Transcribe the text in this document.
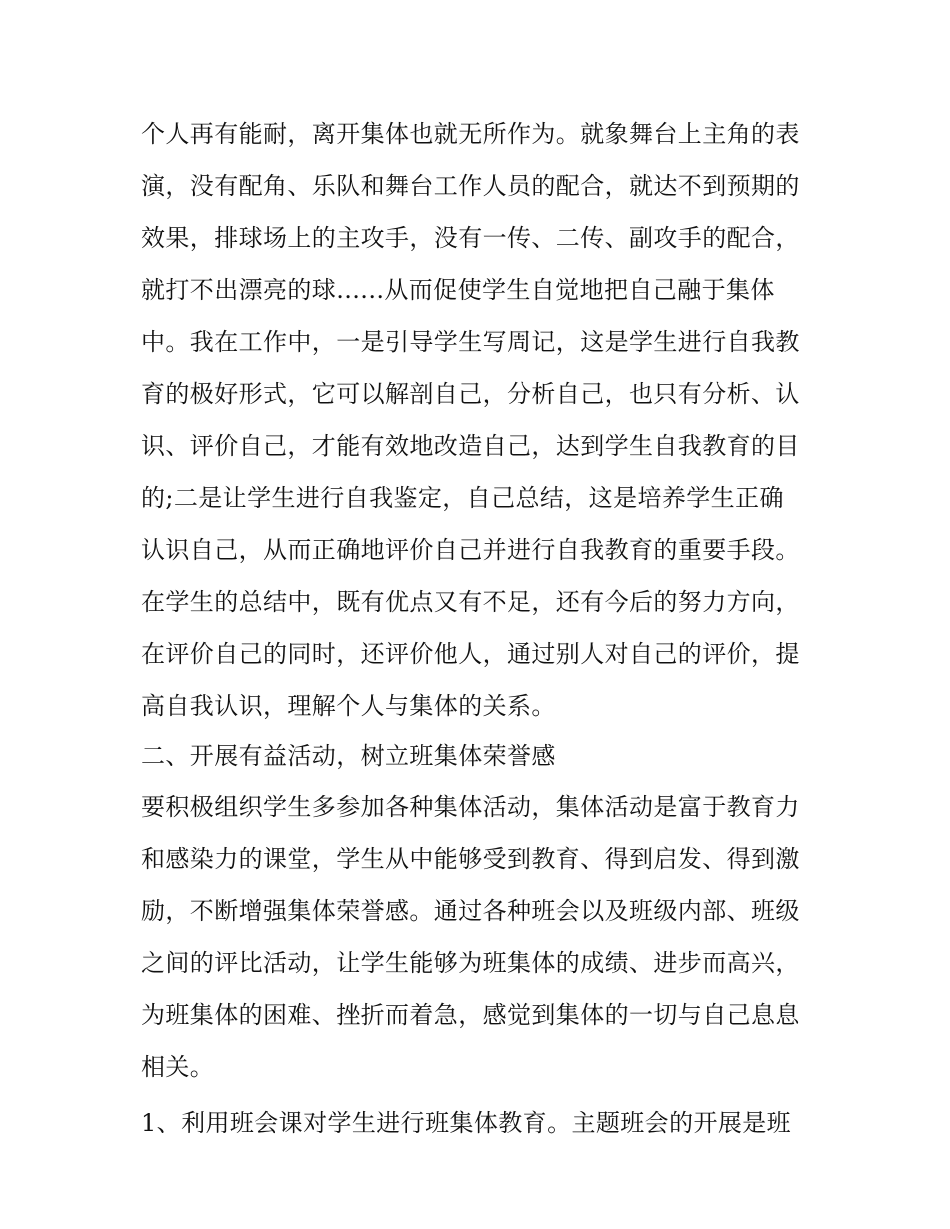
个人再有能耐，离开集体也就无所作为。就象舞台上主角的表
演，没有配角、乐队和舞台工作人员的配合，就达不到预期的
效果，排球场上的主攻手，没有一传、二传、副攻手的配合，
就打不出漂亮的球......从而促使学生自觉地把自己融于集体
中。我在工作中，一是引导学生写周记，这是学生进行自我教
育的极好形式，它可以解剖自己，分析自己，也只有分析、认
识、评价自己，才能有效地改造自己，达到学生自我教育的目
的;二是让学生进行自我鉴定，自己总结，这是培养学生正确
认识自己，从而正确地评价自己并进行自我教育的重要手段。
在学生的总结中，既有优点又有不足，还有今后的努力方向，
在评价自己的同时，还评价他人，通过别人对自己的评价，提
高自我认识，理解个人与集体的关系。
二、开展有益活动，树立班集体荣誉感
要积极组织学生多参加各种集体活动，集体活动是富于教育力
和感染力的课堂，学生从中能够受到教育、得到启发、得到激
励，不断增强集体荣誉感。通过各种班会以及班级内部、班级
之间的评比活动，让学生能够为班集体的成绩、进步而高兴，
为班集体的困难、挫折而着急，感觉到集体的一切与自己息息
相关。
1、利用班会课对学生进行班集体教育。主题班会的开展是班
